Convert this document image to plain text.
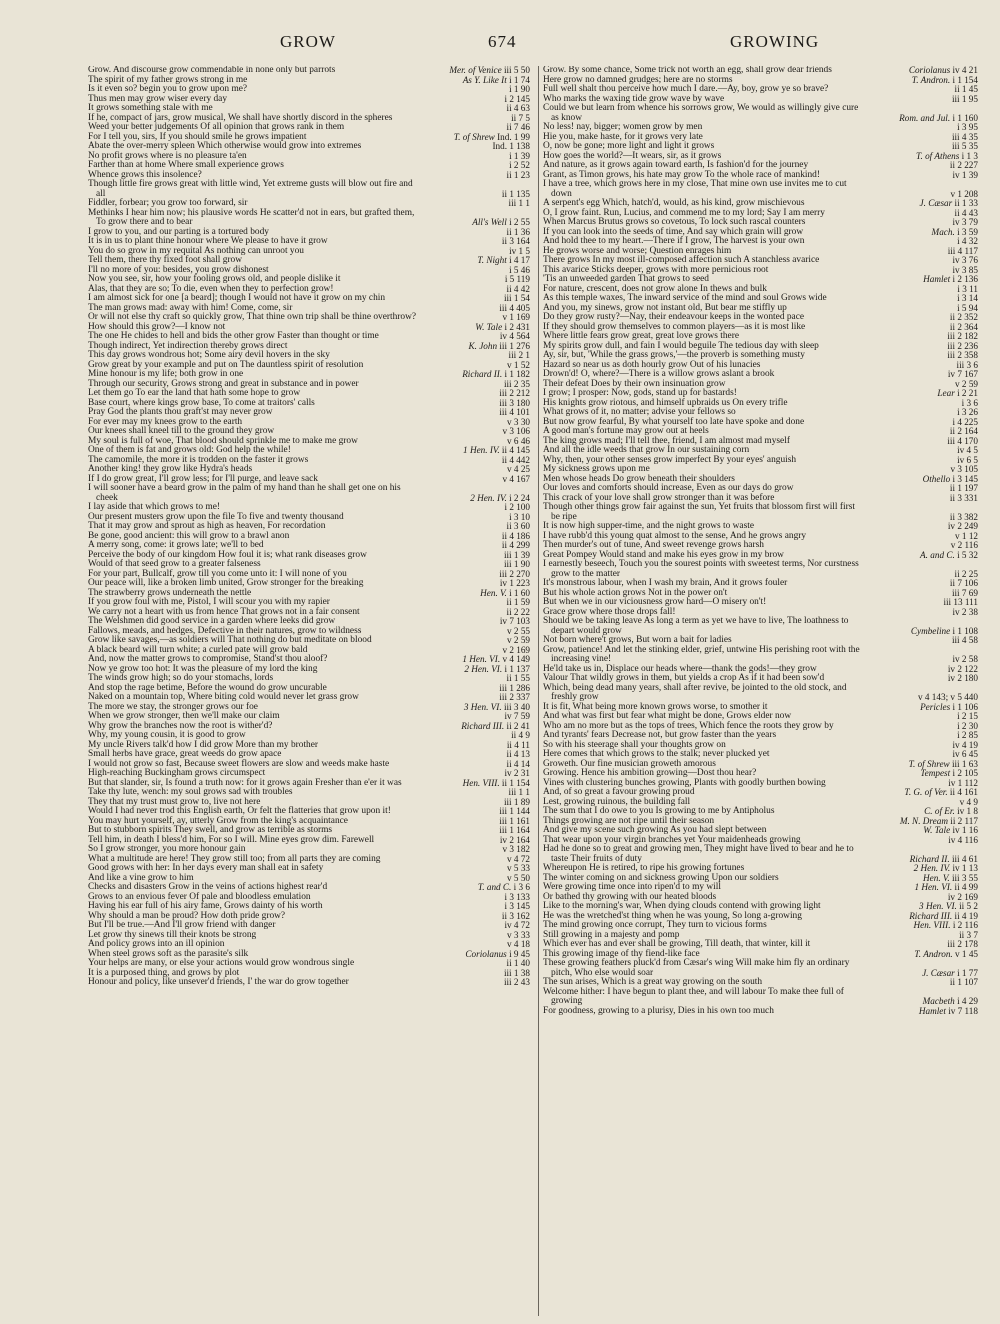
GROW	674	GROWING
Grow. And discourse grow commendable in none only but parrots	Mer. of Venice iii 5 50
The spirit of my father grows strong in me	As Y. Like It i 1 74
Is it even so? begin you to grow upon me?	i 1 90
Thus men may grow wiser every day	i 2 145
It grows something stale with me	ii 4 63
If he, compact of jars, grow musical, We shall have shortly discord in the spheres	ii 7 5
Weed your better judgements Of all opinion that grows rank in them	ii 7 46
For I tell you, sirs, If you should smile he grows impatient	T. of Shrew Ind. 1 99
Abate the over-merry spleen Which otherwise would grow into extremes	Ind. 1 138
No profit grows where is no pleasure ta'en	i 1 39
Farther than at home Where small experience grows	i 2 52
Whence grows this insolence?	ii 1 23
Though little fire grows great with little wind, Yet extreme gusts will blow out fire and all	ii 1 135
Fiddler, forbear; you grow too forward, sir	iii 1 1
Methinks I hear him now; his plausive words He scatter'd not in ears, but grafted them, To grow there and to bear	All's Well i 2 55
I grow to you, and our parting is a tortured body	ii 1 36
It is in us to plant thine honour where We please to have it grow	ii 3 164
You do so grow in my requital As nothing can unroot you	iv 1 5
Tell them, there thy fixed foot shall grow	T. Night i 4 17
I'll no more of you: besides, you grow dishonest	i 5 46
Now you see, sir, how your fooling grows old, and people dislike it	i 5 119
Alas, that they are so; To die, even when they to perfection grow!	ii 4 42
I am almost sick for one [a beard]; though I would not have it grow on my chin	iii 1 54
The man grows mad: away with him! Come, come, sir	iii 4 405
Or will not else thy craft so quickly grow, That thine own trip shall be thine overthrow?	v 1 169
How should this grow?—I know not	W. Tale i 2 431
The one He chides to hell and bids the other grow Faster than thought or time	iv 4 564
Though indirect, Yet indirection thereby grows direct	K. John iii 1 276
This day grows wondrous hot; Some airy devil hovers in the sky	iii 2 1
Grow great by your example and put on The dauntless spirit of resolution	v 1 52
Mine honour is my life; both grow in one	Richard II. i 1 182
Through our security, Grows strong and great in substance and in power	iii 2 35
Let them go To ear the land that hath some hope to grow	iii 2 212
Base court, where kings grow base, To come at traitors' calls	iii 3 180
Pray God the plants thou graft'st may never grow	iii 4 101
For ever may my knees grow to the earth	v 3 30
Our knees shall kneel till to the ground they grow	v 3 106
My soul is full of woe, That blood should sprinkle me to make me grow	v 6 46
One of them is fat and grows old: God help the while!	1 Hen. IV. ii 4 145
The camomile, the more it is trodden on the faster it grows	ii 4 442
Another king! they grow like Hydra's heads	v 4 25
If I do grow great, I'll grow less; for I'll purge, and leave sack	v 4 167
I will sooner have a beard grow in the palm of my hand than he shall get one on his cheek	2 Hen. IV. i 2 24
I lay aside that which grows to me!	i 2 100
Our present musters grow upon the file To five and twenty thousand	i 3 10
That it may grow and sprout as high as heaven, For recordation	ii 3 60
Be gone, good ancient: this will grow to a brawl anon	ii 4 186
A merry song, come: it grows late; we'll to bed	ii 4 299
Perceive the body of our kingdom How foul it is; what rank diseases grow	iii 1 39
Would of that seed grow to a greater falseness	iii 1 90
For your part, Bullcalf, grow till you come unto it: I will none of you	iii 2 270
Our peace will, like a broken limb united, Grow stronger for the breaking	iv 1 223
The strawberry grows underneath the nettle	Hen. V. i 1 60
If you grow foul with me, Pistol, I will scour you with my rapier	ii 1 59
We carry not a heart with us from hence That grows not in a fair consent	ii 2 22
The Welshmen did good service in a garden where leeks did grow	iv 7 103
Fallows, meads, and hedges, Defective in their natures, grow to wildness	v 2 55
Grow like savages,—as soldiers will That nothing do but meditate on blood	v 2 59
A black beard will turn white; a curled pate will grow bald	v 2 169
And, now the matter grows to compromise, Stand'st thou aloof?	1 Hen. VI. v 4 149
Now ye grow too hot: It was the pleasure of my lord the king	2 Hen. VI. i 1 137
The winds grow high; so do your stomachs, lords	ii 1 55
And stop the rage betime, Before the wound do grow uncurable	iii 1 286
Naked on a mountain top, Where biting cold would never let grass grow	iii 2 337
The more we stay, the stronger grows our foe	3 Hen. VI. iii 3 40
When we grow stronger, then we'll make our claim	iv 7 59
Why grow the branches now the root is wither'd?	Richard III. ii 2 41
Why, my young cousin, it is good to grow	ii 4 9
My uncle Rivers talk'd how I did grow More than my brother	ii 4 11
Small herbs have grace, great weeds do grow apace	ii 4 13
I would not grow so fast, Because sweet flowers are slow and weeds make haste	ii 4 14
High-reaching Buckingham grows circumspect	iv 2 31
But that slander, sir, Is found a truth now: for it grows again Fresher than e'er it was	Hen. VIII. ii 1 154
Take thy lute, wench: my soul grows sad with troubles	iii 1 1
They that my trust must grow to, live not here	iii 1 89
Would I had never trod this English earth, Or felt the flatteries that grow upon it!	iii 1 144
You may hurt yourself, ay, utterly Grow from the king's acquaintance	iii 1 161
But to stubborn spirits They swell, and grow as terrible as storms	iii 1 164
Tell him, in death I bless'd him, For so I will. Mine eyes grow dim. Farewell	iv 2 164
So I grow stronger, you more honour gain	v 3 182
What a multitude are here! They grow still too; from all parts they are coming	v 4 72
Good grows with her: In her days every man shall eat in safety	v 5 33
And like a vine grow to him	v 5 50
Checks and disasters Grow in the veins of actions highest rear'd	T. and C. i 3 6
Grows to an envious fever Of pale and bloodless emulation	i 3 133
Having his ear full of his airy fame, Grows dainty of his worth	i 3 145
Why should a man be proud? How doth pride grow?	ii 3 162
But I'll be true.—And I'll grow friend with danger	iv 4 72
Let grow thy sinews till their knots be strong	v 3 33
And policy grows into an ill opinion	v 4 18
When steel grows soft as the parasite's silk	Coriolanus i 9 45
Your helps are many, or else your actions would grow wondrous single	ii 1 40
It is a purposed thing, and grows by plot	iii 1 38
Honour and policy, like unsever'd friends, I' the war do grow together	iii 2 43
Grow. By some chance, Some trick not worth an egg, shall grow dear friends	Coriolanus iv 4 21
Here grow no damned grudges; here are no storms	T. Andron. i 1 154
Full well shalt thou perceive how much I dare.—Ay, boy, grow ye so brave?	ii 1 45
Who marks the waxing tide grow wave by wave	iii 1 95
Could we but learn from whence his sorrows grow, We would as willingly give cure as know	Rom. and Jul. i 1 160
No less! nay, bigger; women grow by men	i 3 95
Hie you, make haste, for it grows very late	iii 4 35
O, now be gone; more light and light it grows	iii 5 35
How goes the world?—It wears, sir, as it grows	T. of Athens i 1 3
And nature, as it grows again toward earth, Is fashion'd for the journey	ii 2 227
Grant, as Timon grows, his hate may grow To the whole race of mankind!	iv 1 39
I have a tree, which grows here in my close, That mine own use invites me to cut down	v 1 208
A serpent's egg Which, hatch'd, would, as his kind, grow mischievous	J. Cæsar ii 1 33
O, I grow faint. Run, Lucius, and commend me to my lord; Say I am merry	ii 4 43
When Marcus Brutus grows so covetous, To lock such rascal counters	iv 3 79
If you can look into the seeds of time, And say which grain will grow	Mach. i 3 59
And hold thee to my heart.—There if I grow, The harvest is your own	i 4 32
He grows worse and worse; Question enrages him	iii 4 117
There grows In my most ill-composed affection such A stanchless avarice	iv 3 76
This avarice Sticks deeper, grows with more pernicious root	iv 3 85
'Tis an unweeded garden That grows to seed	Hamlet i 2 136
For nature, crescent, does not grow alone In thews and bulk	i 3 11
As this temple waxes, The inward service of the mind and soul Grows wide	i 3 14
And you, my sinews, grow not instant old, But bear me stiffly up	i 5 94
Do they grow rusty?—Nay, their endeavour keeps in the wonted pace	ii 2 352
If they should grow themselves to common players—as it is most like	ii 2 364
Where little fears grow great, great love grows there	iii 2 182
My spirits grow dull, and fain I would beguile The tedious day with sleep	iii 2 236
Ay, sir, but, 'While the grass grows,'—the proverb is something musty	iii 2 358
Hazard so near us as doth hourly grow Out of his lunacies	iii 3 6
Drown'd! O, where?—There is a willow grows aslant a brook	iv 7 167
Their defeat Does by their own insinuation grow	v 2 59
I grow; I prosper: Now, gods, stand up for bastards!	Lear i 2 21
His knights grow riotous, and himself upbraids us On every trifle	i 3 6
What grows of it, no matter; advise your fellows so	i 3 26
But now grow fearful, By what yourself too late have spoke and done	i 4 225
A good man's fortune may grow out at heels	ii 2 164
The king grows mad; I'll tell thee, friend, I am almost mad myself	iii 4 170
And all the idle weeds that grow In our sustaining corn	iv 4 5
Why, then, your other senses grow imperfect By your eyes' anguish	iv 6 5
My sickness grows upon me	v 3 105
Men whose heads Do grow beneath their shoulders	Othello i 3 145
Our loves and comforts should increase, Even as our days do grow	ii 1 197
This crack of your love shall grow stronger than it was before	ii 3 331
Though other things grow fair against the sun, Yet fruits that blossom first will first be ripe	ii 3 382
It is now high supper-time, and the night grows to waste	iv 2 249
I have rubb'd this young quat almost to the sense, And he grows angry	v 1 12
Then murder's out of tune, And sweet revenge grows harsh	v 2 116
Great Pompey Would stand and make his eyes grow in my brow	A. and C. i 5 32
I earnestly beseech, Touch you the sourest points with sweetest terms, Nor curstness grow to the matter	ii 2 25
It's monstrous labour, when I wash my brain, And it grows fouler	ii 7 106
But his whole action grows Not in the power on't	iii 7 69
But when we in our viciousness grow hard—O misery on't!	iii 13 111
Grace grow where those drops fall!	iv 2 38
Should we be taking leave As long a term as yet we have to live, The loathness to depart would grow	Cymbeline i 1 108
Not born where't grows, But worn a bait for ladies	iii 4 58
Grow, patience! And let the stinking elder, grief, untwine His perishing root with the increasing vine!	iv 2 58
He'ld take us in, Displace our heads where—thank the gods!—they grow	iv 2 122
Valour That wildly grows in them, but yields a crop As if it had been sow'd	iv 2 180
Which, being dead many years, shall after revive, be jointed to the old stock, and freshly grow	v 4 143; v 5 440
It is fit, What being more known grows worse, to smother it	Pericles i 1 106
And what was first but fear what might be done, Grows elder now	i 2 15
Who am no more but as the tops of trees, Which fence the roots they grow by	i 2 30
And tyrants' fears Decrease not, but grow faster than the years	i 2 85
So with his steerage shall your thoughts grow on	iv 4 19
Here comes that which grows to the stalk; never plucked yet	iv 6 45
Groweth. Our fine musician groweth amorous	T. of Shrew iii 1 63
Growing. Hence his ambition growing—Dost thou hear?	Tempest i 2 105
Vines with clustering bunches growing, Plants with goodly burthen bowing	iv 1 112
And, of so great a favour growing proud	T. G. of Ver. ii 4 161
Lest, growing ruinous, the building fall	v 4 9
The sum that I do owe to you Is growing to me by Antipholus	C. of Er. iv 1 8
Things growing are not ripe until their season	M. N. Dream ii 2 117
And give my scene such growing As you had slept between	W. Tale iv 1 16
That wear upon your virgin branches yet Your maidenheads growing	iv 4 116
Had he done so to great and growing men, They might have lived to bear and he to taste Their fruits of duty	Richard II. iii 4 61
Whereupon He is retired, to ripe his growing fortunes	2 Hen. IV. iv 1 13
The winter coming on and sickness growing Upon our soldiers	Hen. V. iii 3 55
Were growing time once into ripen'd to my will	1 Hen. VI. ii 4 99
Or bathed thy growing with our heated bloods	iv 2 169
Like to the morning's war, When dying clouds contend with growing light	3 Hen. VI. ii 5 2
He was the wretched'st thing when he was young, So long a-growing	Richard III. ii 4 19
The mind growing once corrupt, They turn to vicious forms	Hen. VIII. i 2 116
Still growing in a majesty and pomp	ii 3 7
Which ever has and ever shall be growing, Till death, that winter, kill it	iii 2 178
This growing image of thy fiend-like face	T. Andron. v 1 45
These growing feathers pluck'd from Cæsar's wing Will make him fly an ordinary pitch, Who else would soar	J. Cæsar i 1 77
The sun arises, Which is a great way growing on the south	ii 1 107
Welcome hither: I have begun to plant thee, and will labour To make thee full of growing	Macbeth i 4 29
For goodness, growing to a plurisy, Dies in his own too much	Hamlet iv 7 118
